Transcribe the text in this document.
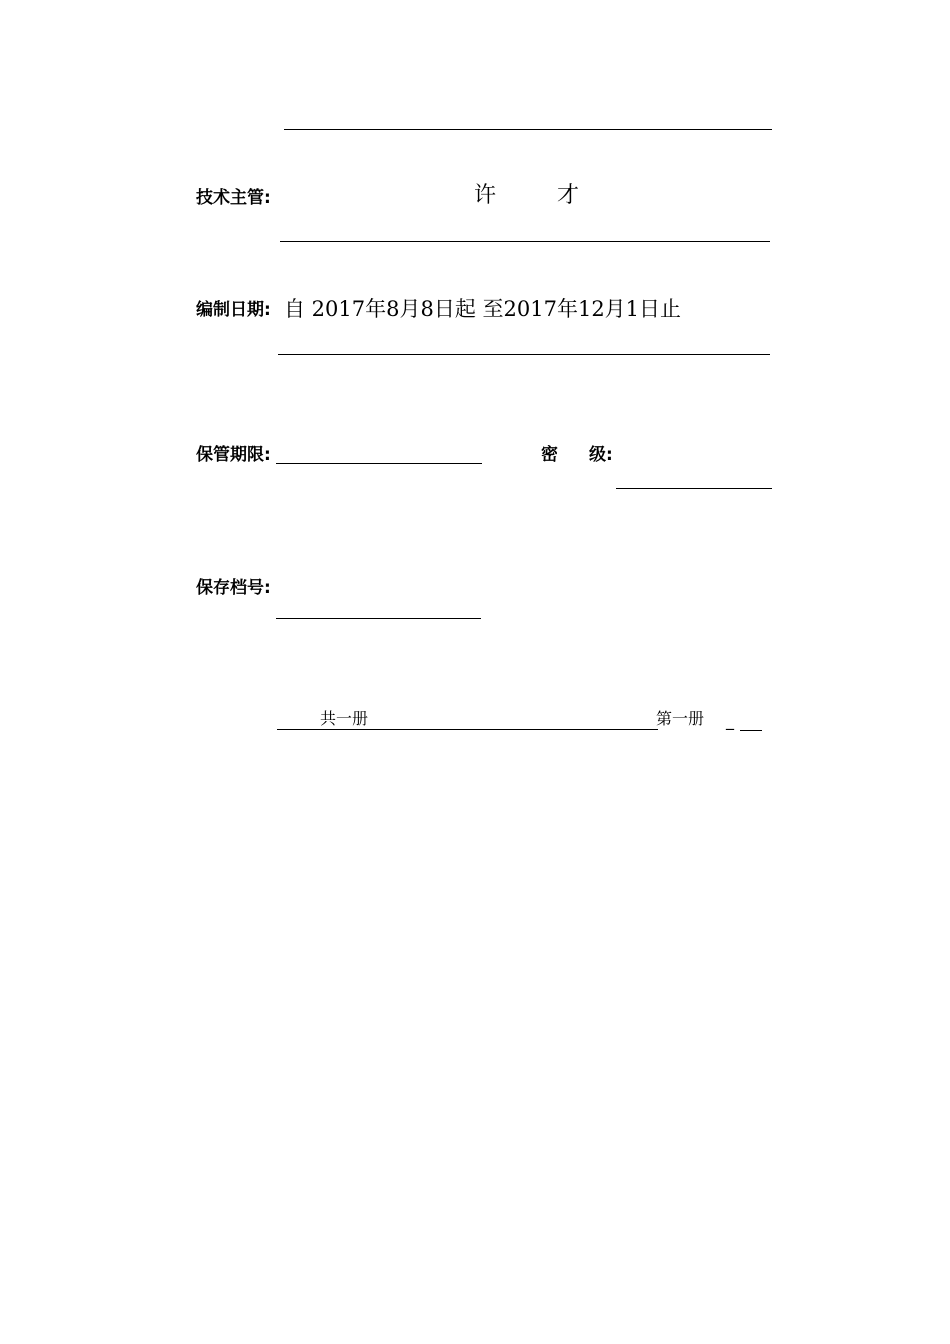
技术主管:	许	才
编制日期: 自 2017年8月8日起 至2017年12月1日止
保管期限:	密 级:
保存档号:
共一册	第一册 _
